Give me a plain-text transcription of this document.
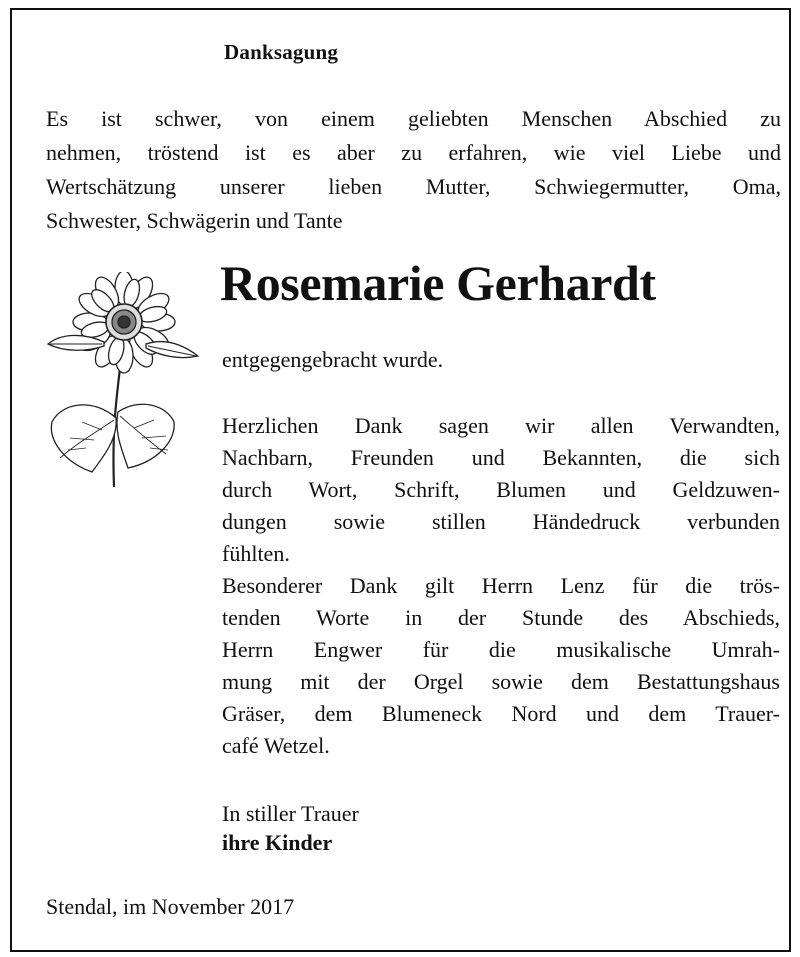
Danksagung
Es ist schwer, von einem geliebten Menschen Abschied zu
nehmen, tröstend ist es aber zu erfahren, wie viel Liebe und
Wertschätzung unserer lieben Mutter, Schwiegermutter, Oma,
Schwester, Schwägerin und Tante
Rosemarie Gerhardt
entgegengebracht wurde.
Herzlichen Dank sagen wir allen Verwandten,
Nachbarn, Freunden und Bekannten, die sich
durch Wort, Schrift, Blumen und Geldzuwen-
dungen sowie stillen Händedruck verbunden
fühlten.
Besonderer Dank gilt Herrn Lenz für die trös-
tenden Worte in der Stunde des Abschieds,
Herrn Engwer für die musikalische Umrah-
mung mit der Orgel sowie dem Bestattungshaus
Gräser, dem Blumeneck Nord und dem Trauer-
café Wetzel.
In stiller Trauer
ihre Kinder
Stendal, im November 2017
